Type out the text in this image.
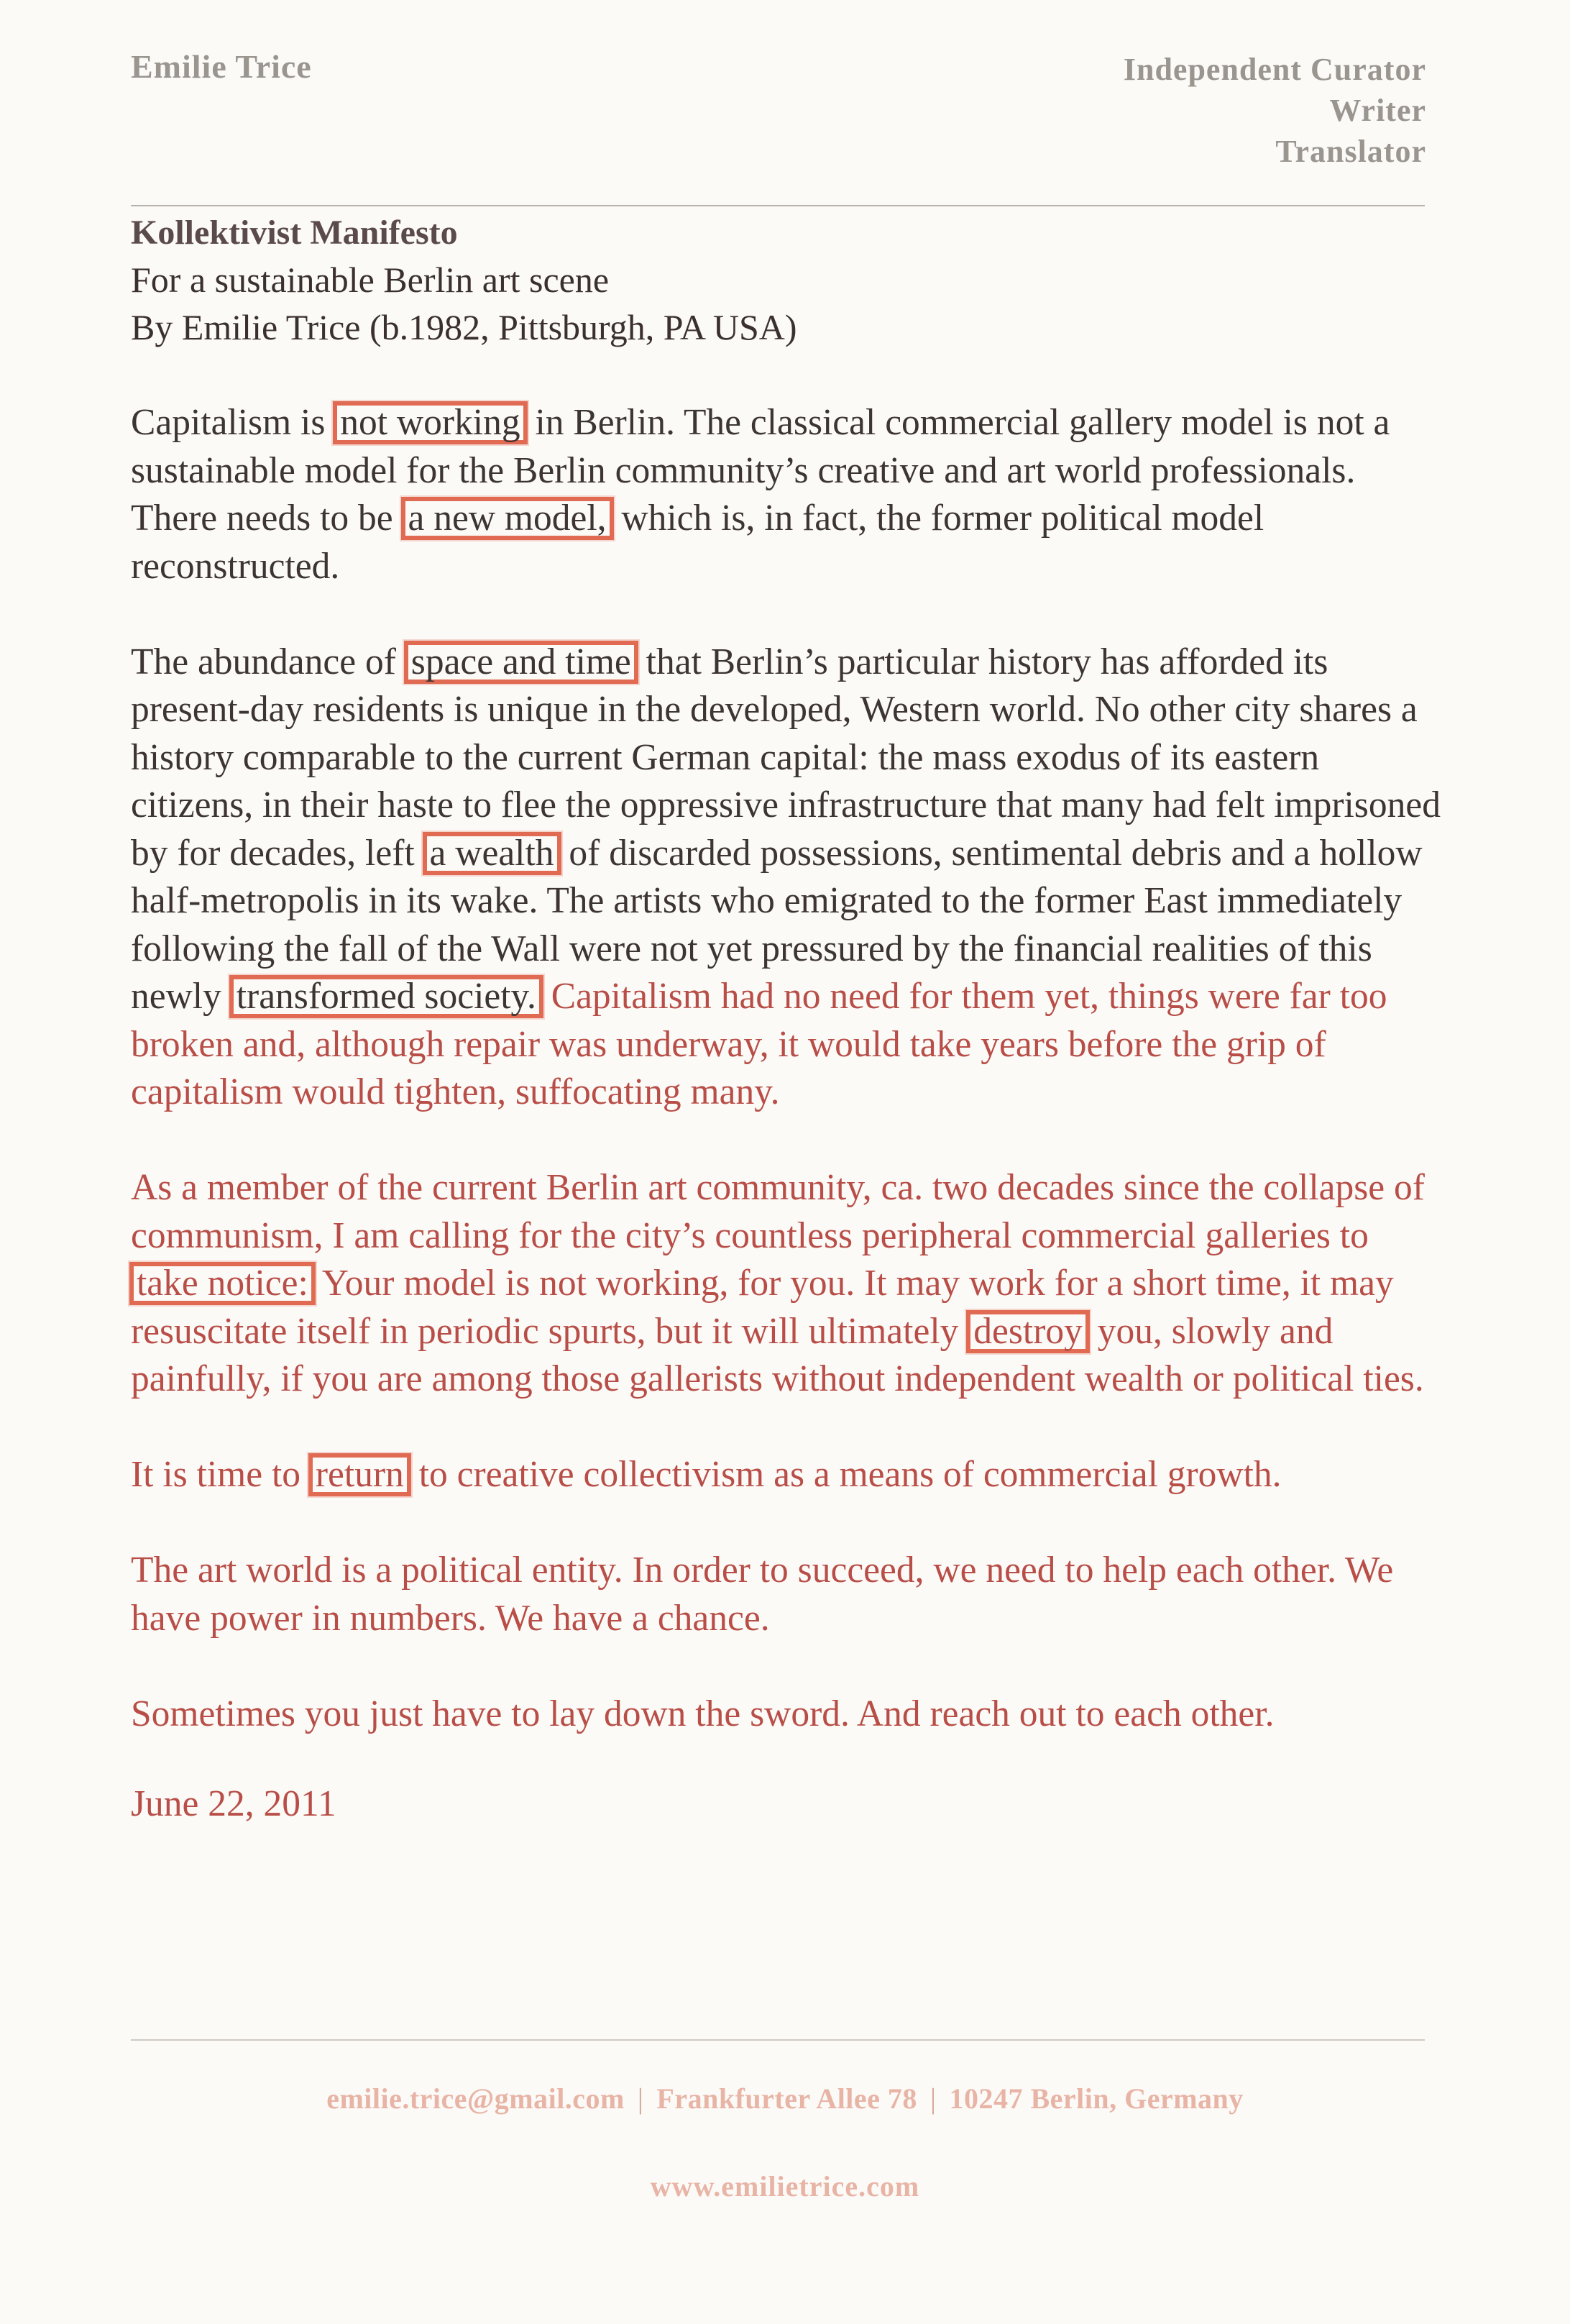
Emilie Trice	Independent Curator
Writer
Translator
Kollektivist Manifesto
For a sustainable Berlin art scene
By Emilie Trice (b.1982, Pittsburgh, PA USA)

Capitalism is not working in Berlin. The classical commercial gallery model is not a sustainable model for the Berlin community’s creative and art world professionals. There needs to be a new model, which is, in fact, the former political model reconstructed.

The abundance of space and time that Berlin’s particular history has afforded its present-day residents is unique in the developed, Western world. No other city shares a history comparable to the current German capital: the mass exodus of its eastern citizens, in their haste to flee the oppressive infrastructure that many had felt imprisoned by for decades, left a wealth of discarded possessions, sentimental debris and a hollow half-metropolis in its wake. The artists who emigrated to the former East immediately following the fall of the Wall were not yet pressured by the financial realities of this newly transformed society. Capitalism had no need for them yet, things were far too broken and, although repair was underway, it would take years before the grip of capitalism would tighten, suffocating many.

As a member of the current Berlin art community, ca. two decades since the collapse of communism, I am calling for the city’s countless peripheral commercial galleries to take notice: Your model is not working, for you. It may work for a short time, it may resuscitate itself in periodic spurts, but it will ultimately destroy you, slowly and painfully, if you are among those gallerists without independent wealth or political ties.

It is time to return to creative collectivism as a means of commercial growth.

The art world is a political entity. In order to succeed, we need to help each other. We have power in numbers. We have a chance.

Sometimes you just have to lay down the sword. And reach out to each other.

June 22, 2011

emilie.trice@gmail.com | Frankfurter Allee 78 | 10247 Berlin, Germany
www.emilietrice.com
